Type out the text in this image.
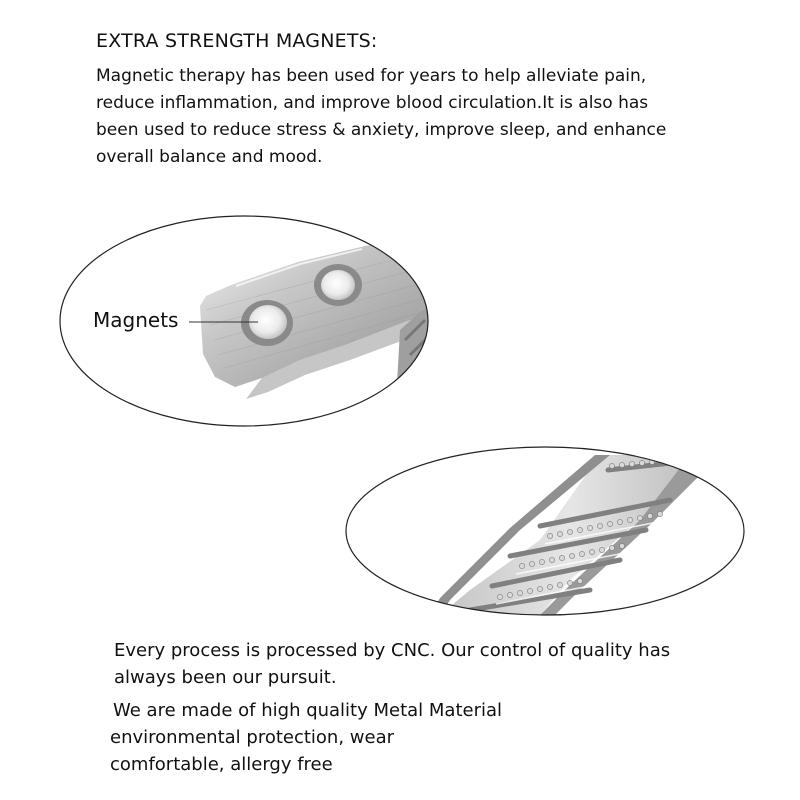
EXTRA STRENGTH MAGNETS:
Magnetic therapy has been used for years to help alleviate pain,
reduce inflammation, and improve blood circulation.It is also has
been used to reduce stress & anxiety, improve sleep, and enhance
overall balance and mood.
Magnets
Every process is processed by CNC. Our control of quality has
always been our pursuit.
We are made of high quality Metal Material
environmental protection, wear
comfortable, allergy free
